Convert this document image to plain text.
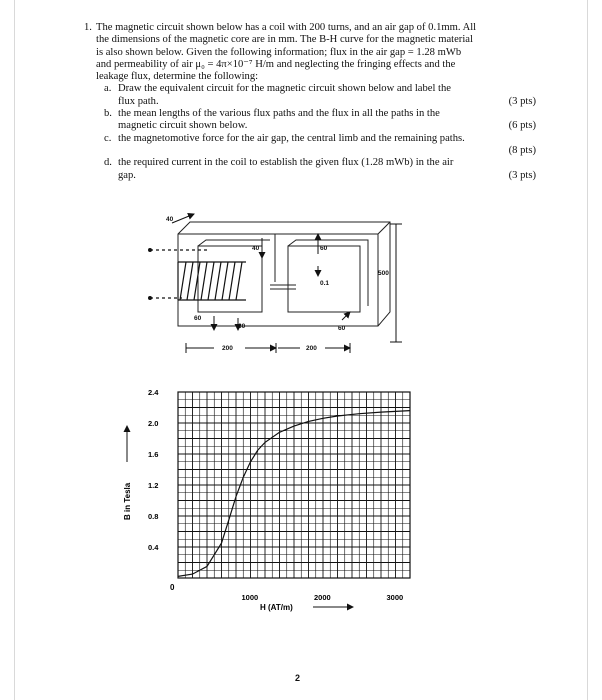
1. The magnetic circuit shown below has a coil with 200 turns, and an air gap of 0.1mm. All
the dimensions of the magnetic core are in mm. The B-H curve for the magnetic material
is also shown below. Given the following information; flux in the air gap = 1.28 mWb
and permeability of air μ₀ = 4π×10⁻⁷ H/m and neglecting the fringing effects and the
leakage flux, determine the following:
a. Draw the equivalent circuit for the magnetic circuit shown below and label the
flux path.	(3 pts)
b. the mean lengths of the various flux paths and the flux in all the paths in the
magnetic circuit shown below.	(6 pts)
c. the magnetomotive force for the air gap, the central limb and the remaining paths.
(8 pts)
d. the required current in the coil to establish the given flux (1.28 mWb) in the air
gap.	(3 pts)
40
40	60
0.1
500
60
60	60
200	200
2.4
2.0
1.6
1.2
0.8
0.4
1000	2000	3000
0
H (AT/m)
B in Tesla
2
